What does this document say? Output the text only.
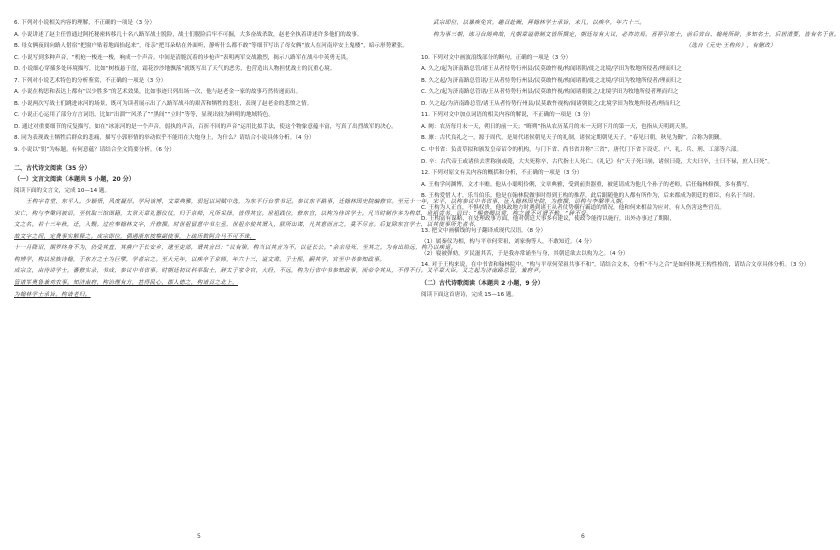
6. 下列对小说相关内容的理解，不正确的一项是（3 分）
A. 小说讲述了赵主任曾通过阿托秘密转移几十名八路军战士脱险，战士们脱险后牢不可掘，大多奋战杀敌，赵老全执着讲述许多他们的故事。
B. 母女俩夜间向路人借宿“把窗户贴着地面抬起来”，母亲“把耳朵贴在外面听，静听什么都不敢”等细节写出了母女俩“放人在河南岸安上鬼楼”，暗示形势紧张。
C. 小说写到多种声音，“机枪一梭连一梭，响成一个声音。中间是清脆沉着的步枪声”表明两军交战激烈，揭示八路军在战斗中英勇无畏。
D. 小说细心穿插多处环境描写，比如“树枝悬于崖，霜花沙沙地飘落”就既写出了天气的恶劣，也营造出人物担忧战士的沉重心境。
7. 下列对小说艺术特色的分析鉴赏，不正确的一项是（3 分）
A. 小说在构思和表达上都有“以少胜多”的艺术效果，比如事迹只列出场一次，他与赵老金一家的故事巧然传递而出。
B. 小说两次写战士们跳进冰河的场景，既可为读者展示出了八路军战斗的艰苦和牺牲的悲壮，表现了赵老金的悲愤之情。
C. 小说正心运用了部分方言词语，比如“出溜”“风杀了”“黑间”“立时”等等，显现出较为鲜明的地域特色。
D. 通过对重要细节的反复描写，如在“冰冻河的是一个声音，弱执的声音，百折不回的声音”运用比拟手法，使这个物象意蕴丰富，写真了出烈战军的决心。
8. 同为表现战士牺牲后群众的悲痛，描写小郭形情的举动似乎不能用在大炮身上，为什么？请结合小说具体分析。（4 分）
9. 小说以“钥”为标题，有何意蕴？请结合全文简要分析。（6 分）
二、古代诗文阅读（35 分）
（一）文言文阅读（本题共 5 小题，20 分）
阅读下面的文言文，完成 10—14 题。
王构字肯堂，东平人。少颖悟，风度凝厚。学问该博，文章典雅，弱冠以词赋中选，为东平行台掌书记。参议东平路事，迁翰林国史院编修官。至元十一年，宋平，以构参议中书省事，征入翰林国史院，为修撰，诏构与李槃等入朝。
宋亡，构与李槃同被诏，至杭取三馆图籍，太常天章礼器仪仗，归于京师，凡所采择，皆得其宜。世祖践位，修东宫，以构为侍讲学士。凡当时制作多为构草，世祖尝书，诏曰：“赐赍卿以赏，构之诚不可谓不勤。”辞不受。
文之名。若十三年秋，迁，入觐。过应奉翰林文字，升修撰。时世祖留意中书左丞，世祖亦使其谓入，朕所出谋，凡其意而言之，莫不尽言。后复除东宫学士，以其使事所先者书，
故文字之间，定费事实解释之。成宗即位，偶遇浙东按察副使事，上疏历数阿合马不可不诛，
十一月降诏，期罗终身不为，仍受其直，其凿户于长安乡，逮至吏部，谓其言曰：“议有第，构当以其言为不。以征长公。”余亲母死，至其之。为有出给远，构乃以疾退。
构博学，构以世族诗翰，于东方之士为巨擘，学者宗之。至大元年，以疾卒于京师，年六十三，谥文肃。子士熙，嗣其学，官至中书参知政事。
成宗立，由待讲学士，蕃修实录，书成，参议中书省事。时朝廷初议科举取士，辞太子家令官，大经，不远，构为行省中书参知政事，而帝令其从，不得不行。又平章大臣，又之起为济南路总管，兼府尹。
管诸军奥鲁兼劝农事。知济南府，构治理有方，甚得民心，郡人德之，构请召之北上，
为翰林学士承旨。构请老归。
5
武宗即位，以暴疾免官，趣召赴阙，拜翰林学士承旨，未几，以疾卒，年六十三。
构为事三朝，练习台阁典故，凡朝章谥册制文皆所撰定，朝廷每有大议，必咨访焉。喜荐引寒士，前后省台、翰苑所辟，多知名士，后居清要，皆有名于世。
（选自《元史·王构传》，有删改）
10. 下列对文中画波浪线部分的断句，正确的一项是（3 分）
A. 久之/起为济南路总管/诸王从者恃势行州县/民莫敢忤视/构闻诸朝/徙之北境/学田为牧地所侵者/理而归之
B. 久之起/为济南路总管诸/王从者恃势行州县/民莫敢忤视/构闻诸朝/徙之北境/学田为牧地所侵者/理而归之
C. 久之/起为济南路总管诸/王从者恃势行州县/民莫敢忤视/构闻诸朝徙之/北境学田为牧地所侵者理而归之
D. 久之起/为济南路总管/诸王从者恃势行州县/民莫敢忤视构/闻诸朝徙之/北境学田为牧地所侵者/理而归之
11. 下列对文中加点词语的相关内容的解说，不正确的一项是（3 分）
A. 阙：农历每月末一天，朔日的前一天；“晦朔”指从农历某月的末一天到下月的第一天，也指从天明到天黑。
B. 廪：古代良礼之一，源于周代，是周代诸侯朝见天子的礼制，诸侯定期朝见天子，“春见曰朝，秋见为觐”，合称为朝觐。
C. 中书省：负责草拟和颁发皇帝诏令的机构，与门下省、尚书省并称“三省”，唐代门下省下设吏、户、礼、兵、刑、工部等六部。
D. 卒：古代帝王或诸侯去世称崩或薨，大夫死称卒，古代指士人死亡。《礼记》有“天子死曰崩，诸侯曰薨，大夫曰卒，士曰不禄，庶人曰死”。
12. 下列对原文有关内容的概括和分析，不正确的一项是（3 分）
A. 王构学问渊博，文才丰赡。他从小聪明伶俐，文章典雅，受到前贵器重，被延请成为他几个孙子的老师，后任翰林修撰，多有撰写。
B. 王构爱惜人才，乐当伯乐。他是在翰林院做事时得到王构的推荐，此后跟随他的人都有所作为，后来都成为朝廷的重臣，有名于当时。
C. 王构为人正直，不惧权贵，他执政地方时遇到诸王从者仗势横行霸道的情况，他和何来相益为应对，有人伤害这些官员。
D. 王构富有谋略，在处理政事方面，他对朝廷大事多有建议，使政令能得以施行，出外办事过了期限，
13. 把文中画横线的句子翻译成现代汉语。（8 分）
（1）属秦仪为相，构与平章何荣祖，刘家驹等人，不敢知近。（4 分）
（2）寝被弹劾，歹民滋其苦，于是我亦常诵坐与身，其朝廷欲去以构为之。（4 分）
14. 对于王构来说，在中书省和翰林院中，“构与平章何荣祖共事不和”，请结合文本，分析“不与之合”是如何体现王构性格的，请结合文章具体分析。（3 分）
（二）古代诗歌阅读（本题共 2 小题，9 分）
阅读下面这首唐诗，完成 15—16 题。
6
